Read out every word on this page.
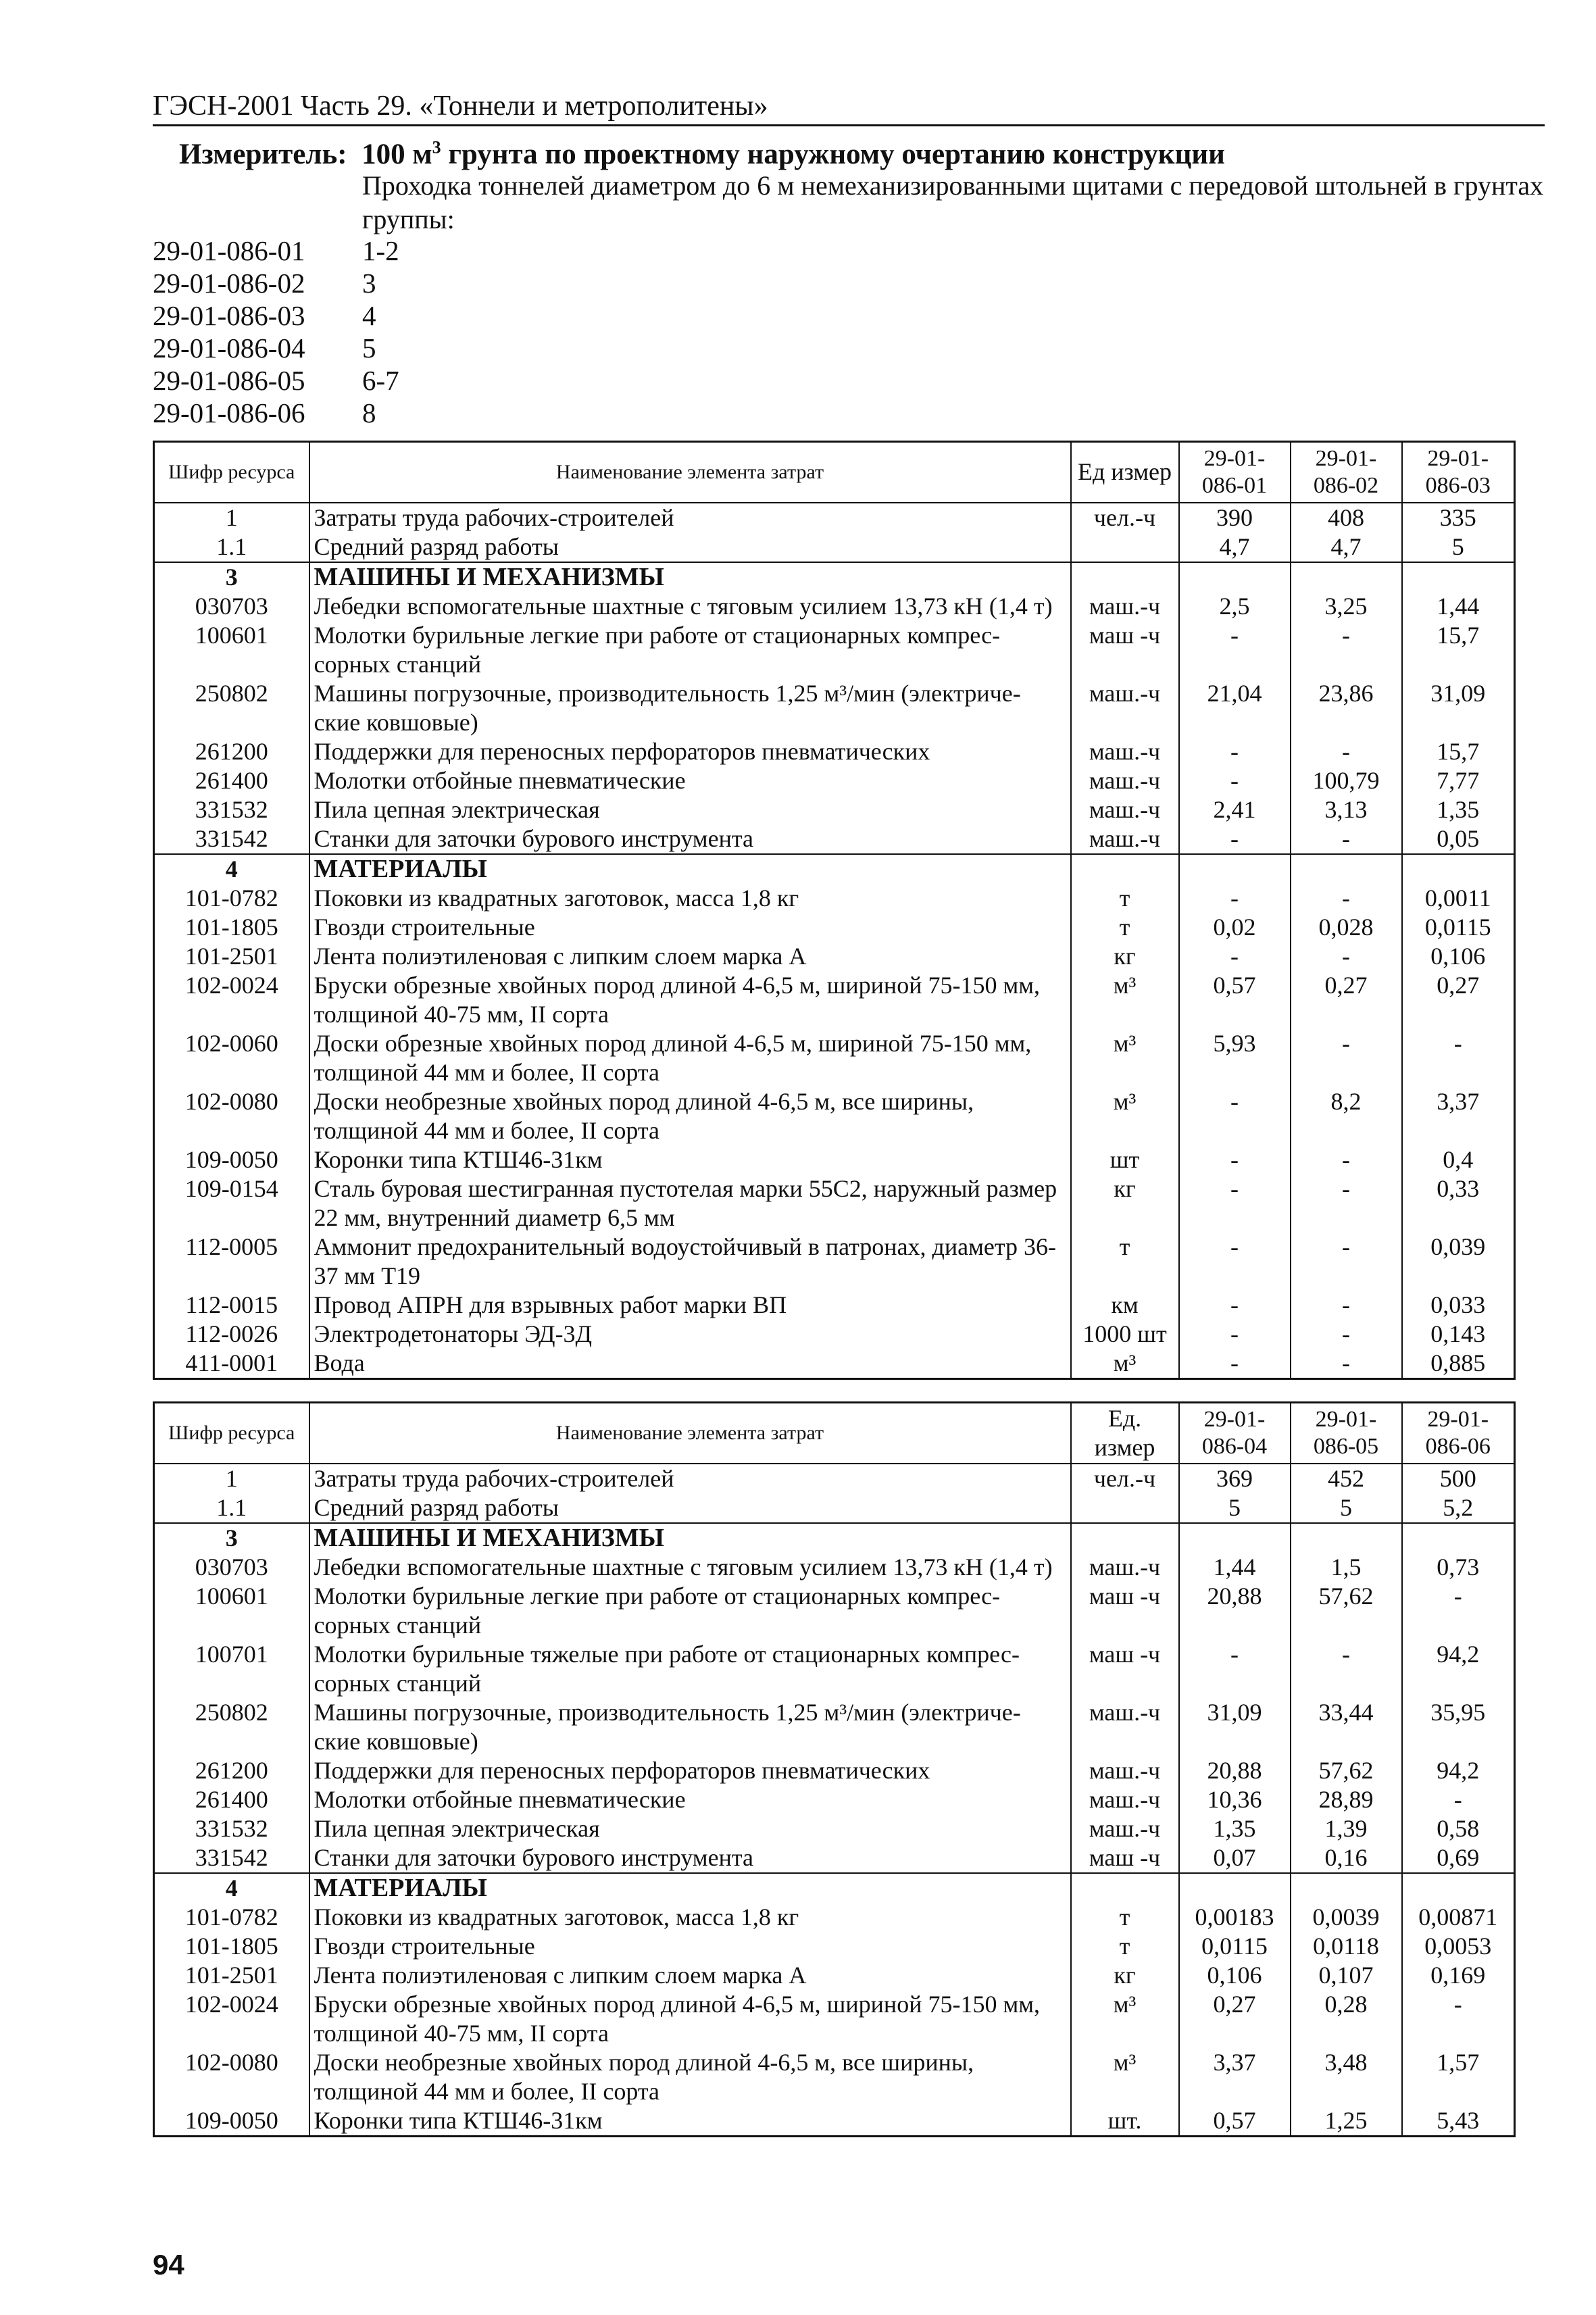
ГЭСН-2001 Часть 29. «Тоннели и метрополитены»
Измеритель: 100 $м^3$ грунта по проектному наружному очертанию конструкции
Проходка тоннелей диаметром до 6 м немеханизированными щитами с передовой штольней в грунтах группы:
29-01-086-01 1-2
29-01-086-02 3
29-01-086-03 4
29-01-086-04 5
29-01-086-05 6-7
29-01-086-06 8
Шифр ресурса	Наименование элемента затрат	Ед измер	29-01-086-01	29-01-086-02	29-01-086-03
1	Затраты труда рабочих-строителей	чел.-ч	390	408	335
1.1	Средний разряд работы		4,7	4,7	5
3	МАШИНЫ И МЕХАНИЗМЫ				
030703	Лебедки вспомогательные шахтные с тяговым усилием 13,73 кН (1,4 т)	маш.-ч	2,5	3,25	1,44
100601	Молотки бурильные легкие при работе от стационарных компрес-сорных станций	маш -ч	-	-	15,7
250802	Машины погрузочные, производительность 1,25 м³/мин (электриче-ские ковшовые)	маш.-ч	21,04	23,86	31,09
261200	Поддержки для переносных перфораторов пневматических	маш.-ч	-	-	15,7
261400	Молотки отбойные пневматические	маш.-ч	-	100,79	7,77
331532	Пила цепная электрическая	маш.-ч	2,41	3,13	1,35
331542	Станки для заточки бурового инструмента	маш.-ч	-	-	0,05
4	МАТЕРИАЛЫ				
101-0782	Поковки из квадратных заготовок, масса 1,8 кг	т	-	-	0,0011
101-1805	Гвозди строительные	т	0,02	0,028	0,0115
101-2501	Лента полиэтиленовая с липким слоем марка А	кг	-	-	0,106
102-0024	Бруски обрезные хвойных пород длиной 4-6,5 м, шириной 75-150 мм, толщиной 40-75 мм, II сорта	м³	0,57	0,27	0,27
102-0060	Доски обрезные хвойных пород длиной 4-6,5 м, шириной 75-150 мм, толщиной 44 мм и более, II сорта	м³	5,93	-	-
102-0080	Доски необрезные хвойных пород длиной 4-6,5 м, все ширины, толщиной 44 мм и более, II сорта	м³	-	8,2	3,37
109-0050	Коронки типа КТШ46-31км	шт	-	-	0,4
109-0154	Сталь буровая шестигранная пустотелая марки 55С2, наружный размер 22 мм, внутренний диаметр 6,5 мм	кг	-	-	0,33
112-0005	Аммонит предохранительный водоустойчивый в патронах, диаметр 36-37 мм Т19	т	-	-	0,039
112-0015	Провод АПРН для взрывных работ марки ВП	км	-	-	0,033
112-0026	Электродетонаторы ЭД-3Д	1000 шт	-	-	0,143
411-0001	Вода	м³	-	-	0,885
Шифр ресурса	Наименование элемента затрат	Ед. измер	29-01-086-04	29-01-086-05	29-01-086-06
1	Затраты труда рабочих-строителей	чел.-ч	369	452	500
1.1	Средний разряд работы		5	5	5,2
3	МАШИНЫ И МЕХАНИЗМЫ				
030703	Лебедки вспомогательные шахтные с тяговым усилием 13,73 кН (1,4 т)	маш.-ч	1,44	1,5	0,73
100601	Молотки бурильные легкие при работе от стационарных компрес-сорных станций	маш -ч	20,88	57,62	-
100701	Молотки бурильные тяжелые при работе от стационарных компрес-сорных станций	маш -ч	-	-	94,2
250802	Машины погрузочные, производительность 1,25 м³/мин (электриче-ские ковшовые)	маш.-ч	31,09	33,44	35,95
261200	Поддержки для переносных перфораторов пневматических	маш.-ч	20,88	57,62	94,2
261400	Молотки отбойные пневматические	маш.-ч	10,36	28,89	-
331532	Пила цепная электрическая	маш.-ч	1,35	1,39	0,58
331542	Станки для заточки бурового инструмента	маш -ч	0,07	0,16	0,69
4	МАТЕРИАЛЫ				
101-0782	Поковки из квадратных заготовок, масса 1,8 кг	т	0,00183	0,0039	0,00871
101-1805	Гвозди строительные	т	0,0115	0,0118	0,0053
101-2501	Лента полиэтиленовая с липким слоем марка А	кг	0,106	0,107	0,169
102-0024	Бруски обрезные хвойных пород длиной 4-6,5 м, шириной 75-150 мм, толщиной 40-75 мм, II сорта	м³	0,27	0,28	-
102-0080	Доски необрезные хвойных пород длиной 4-6,5 м, все ширины, толщиной 44 мм и более, II сорта	м³	3,37	3,48	1,57
109-0050	Коронки типа КТШ46-31км	шт.	0,57	1,25	5,43
94
